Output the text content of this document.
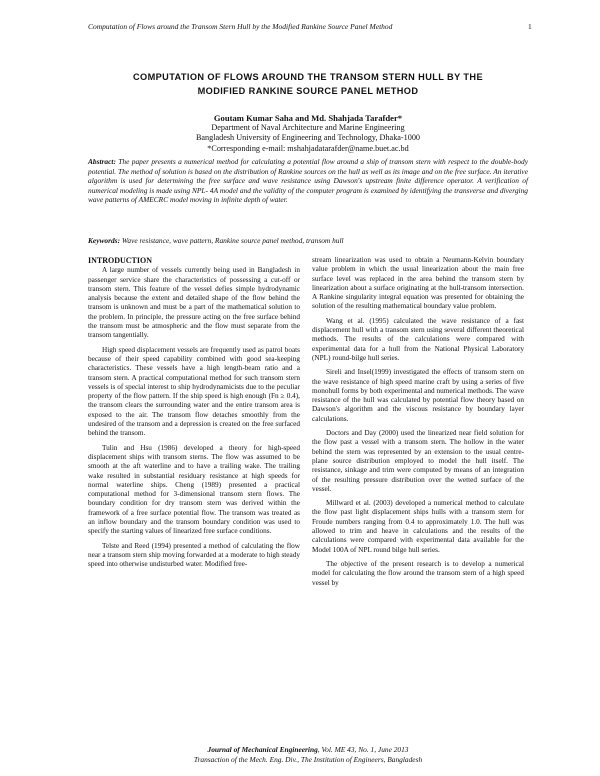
Computation of Flows around the Transom Stern Hull by the Modified Rankine Source Panel Method	1
COMPUTATION OF FLOWS AROUND THE TRANSOM STERN HULL BY THE
MODIFIED RANKINE SOURCE PANEL METHOD
Goutam Kumar Saha and Md. Shahjada Tarafder*
Department of Naval Architecture and Marine Engineering
Bangladesh University of Engineering and Technology, Dhaka-1000
*Corresponding e-mail: mshahjadatarafder@name.buet.ac.bd
Abstract: The paper presents a numerical method for calculating a potential flow around a ship of transom stern with respect to the double-body potential. The method of solution is based on the distribution of Rankine sources on the hull as well as its image and on the free surface. An iterative algorithm is used for determining the free surface and wave resistance using Dawson's upstream finite difference operator. A verification of numerical modeling is made using NPL- 4A model and the validity of the computer program is examined by identifying the transverse and diverging wave patterns of AMECRC model moving in infinite depth of water.
Keywords: Wave resistance, wave pattern, Rankine source panel method, transom hull
INTRODUCTION

A large number of vessels currently being used in Bangladesh in passenger service share the characteristics of possessing a cut-off or transom stern. This feature of the vessel defies simple hydrodynamic analysis because the extent and detailed shape of the flow behind the transom is unknown and must be a part of the mathematical solution to the problem. In principle, the pressure acting on the free surface behind the transom must be atmospheric and the flow must separate from the transom tangentially.

High speed displacement vessels are frequently used as patrol boats because of their speed capability combined with good sea-keeping characteristics. These vessels have a high length-beam ratio and a transom stern. A practical computational method for such transom stern vessels is of special interest to ship hydrodynamicists due to the peculiar property of the flow pattern. If the ship speed is high enough (Fn ≥ 0.4), the transom clears the surrounding water and the entire transom area is exposed to the air. The transom flow detaches smoothly from the undesired of the transom and a depression is created on the free surfaced behind the transom.

Tulin and Hsu (1986) developed a theory for high-speed displacement ships with transom sterns. The flow was assumed to be smooth at the aft waterline and to have a trailing wake. The trailing wake resulted in substantial residuary resistance at high speeds for normal waterline ships. Cheng (1989) presented a practical computational method for 3-dimensional transom stern flows. The boundary condition for dry transom stern was derived within the framework of a free surface potential flow. The transom was treated as an inflow boundary and the transom boundary condition was used to specify the starting values of linearized free surface conditions.

Telste and Reed (1994) presented a method of calculating the flow near a transom stern ship moving forwarded at a moderate to high steady speed into otherwise undisturbed water. Modified free-

stream linearization was used to obtain a Neumann-Kelvin boundary value problem in which the usual linearization about the main free surface level was replaced in the area behind the transom stern by linearization about a surface originating at the hull-transom intersection. A Rankine singularity integral equation was presented for obtaining the solution of the resulting mathematical boundary value problem.

Wang et al. (1995) calculated the wave resistance of a fast displacement hull with a transom stern using several different theoretical methods. The results of the calculations were compared with experimental data for a hull from the National Physical Laboratory (NPL) round-bilge hull series.

Sireli and Insel(1999) investigated the effects of transom stern on the wave resistance of high speed marine craft by using a series of five monohull forms by both experimental and numerical methods. The wave resistance of the hull was calculated by potential flow theory based on Dawson's algorithm and the viscous resistance by boundary layer calculations.

Doctors and Day (2000) used the linearized near field solution for the flow past a vessel with a transom stern. The hollow in the water behind the stern was represented by an extension to the usual centre-plane source distribution employed to model the hull itself. The resistance, sinkage and trim were computed by means of an integration of the resulting pressure distribution over the wetted surface of the vessel.

Millward et al. (2003) developed a numerical method to calculate the flow past light displacement ships hulls with a transom stern for Froude numbers ranging from 0.4 to approximately 1.0. The hull was allowed to trim and heave in calculations and the results of the calculations were compared with experimental data available for the Model 100A of NPL round bilge hull series.

The objective of the present research is to develop a numerical model for calculating the flow around the transom stern of a high speed vessel by

Journal of Mechanical Engineering, Vol. ME 43, No. 1, June 2013
Transaction of the Mech. Eng. Div., The Institution of Engineers, Bangladesh
